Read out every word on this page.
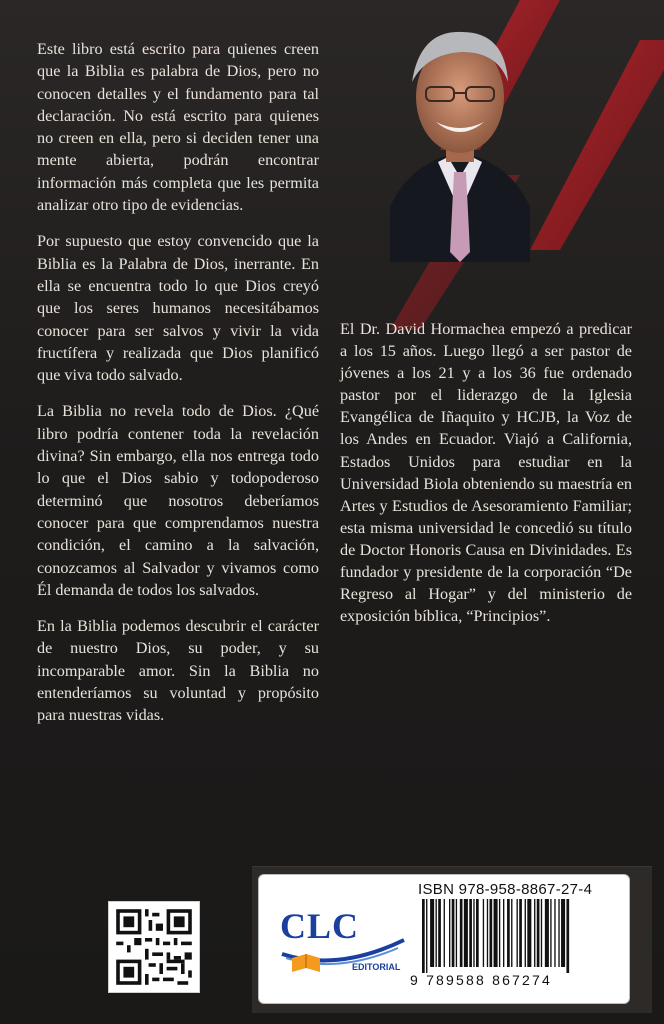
Este libro está escrito para quienes creen que la Biblia es palabra de Dios, pero no conocen detalles y el fundamento para tal declaración. No está escrito para quienes no creen en ella, pero si deciden tener una mente abierta, podrán encontrar información más completa que les permita analizar otro tipo de evidencias.

Por supuesto que estoy convencido que la Biblia es la Palabra de Dios, inerrante. En ella se encuentra todo lo que Dios creyó que los seres humanos necesitábamos conocer para ser salvos y vivir la vida fructífera y realizada que Dios planificó que viva todo salvado.

La Biblia no revela todo de Dios. ¿Qué libro podría contener toda la revelación divina? Sin embargo, ella nos entrega todo lo que el Dios sabio y todopoderoso determinó que nosotros deberíamos conocer para que comprendamos nuestra condición, el camino a la salvación, conozcamos al Salvador y vivamos como Él demanda de todos los salvados.

En la Biblia podemos descubrir el carácter de nuestro Dios, su poder, y su incomparable amor. Sin la Biblia no entenderíamos su voluntad y propósito para nuestras vidas.

El Dr. David Hormachea empezó a predicar a los 15 años. Luego llegó a ser pastor de jóvenes a los 21 y a los 36 fue ordenado pastor por el liderazgo de la Iglesia Evangélica de Iñaquito y HCJB, la Voz de los Andes en Ecuador. Viajó a California, Estados Unidos para estudiar en la Universidad Biola obteniendo su maestría en Artes y Estudios de Asesoramiento Familiar; esta misma universidad le concedió su título de Doctor Honoris Causa en Divinidades. Es fundador y presidente de la corporación “De Regreso al Hogar” y del ministerio de exposición bíblica, “Principios”.

CLC
EDITORIAL
ISBN 978-958-8867-27-4
9 789588 867274
